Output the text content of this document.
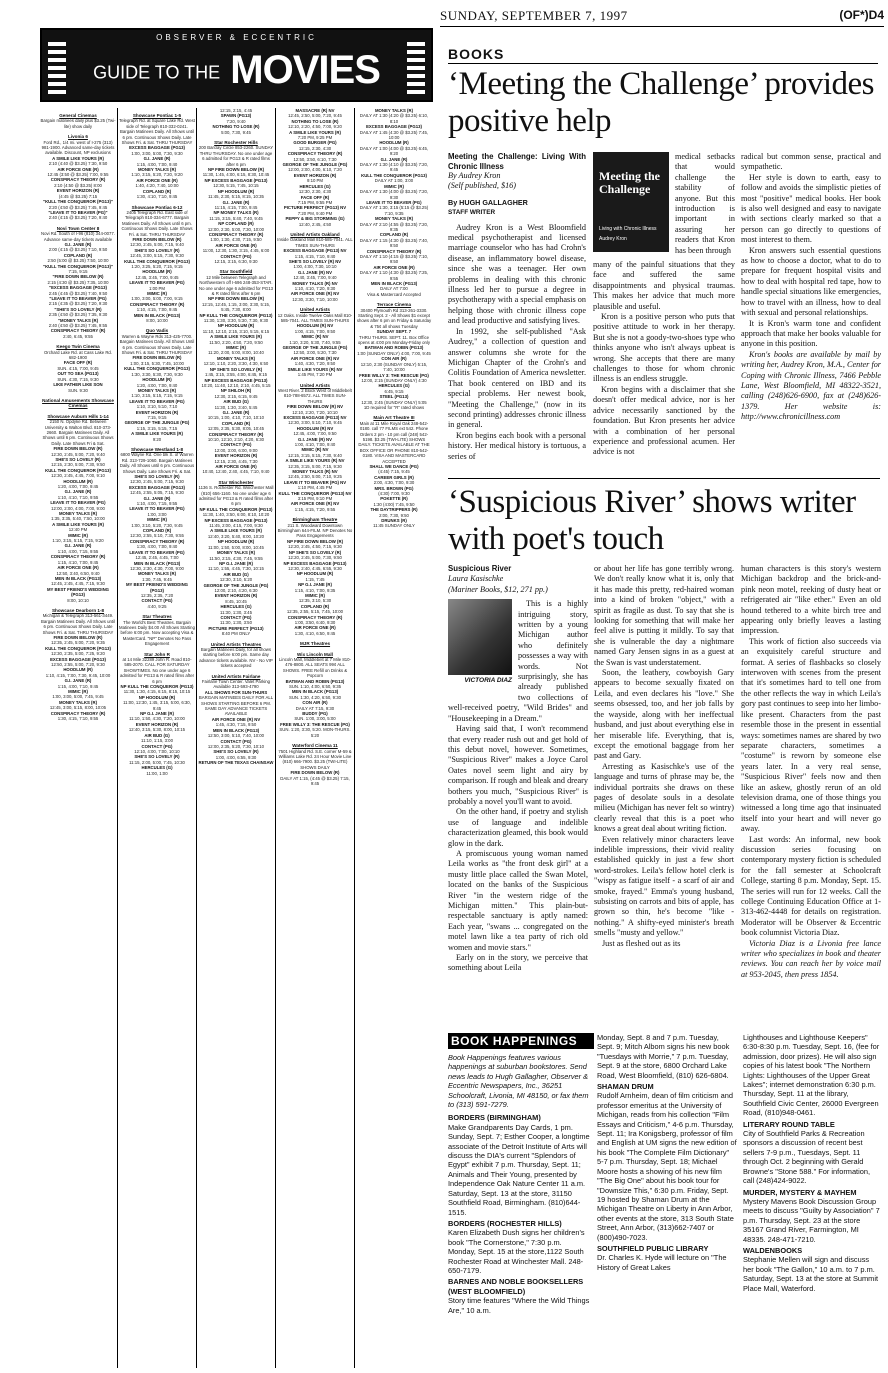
SUNDAY, SEPTEMBER 7, 1997	(OF*)D4
OBSERVER & ECCENTRIC
GUIDE TO THE MOVIES
General Cinemas
Bargain matinees daily plus $3.25 (Twi-lite) show daily
Livonia 6
Ford Rd., 1/4 mi. west of I-275 (313) 981-1900. Advanced same-day tickets available. Discount, NP exclusions
A SMILE LIKE YOURS (R)
2:10 (4:40 @ $3.25) 7:30, 9:50
AIR FORCE ONE (R)
12:45 (3:50 @ $3.25) 7:00, 9:55
CONSPIRACY THEORY (R)
2:10 (4:50 @ $3.25) 8:00
EVENT HORIZON (R)
(4:45 @ $3.25) 7:15
"KULL THE CONQUEROR (PG13)"
2:20 (4:50 @ $3.25) 7:45, 9:45
"LEAVE IT TO BEAVER (PG)"
2:40 (4:15 @ $3.25) 7:20, 9:40
Novi Town Center 8
Novi Rd. South of I-96 (810) 344-0077. Advance same-day tickets available
G.I. JANE (R)
2:00 (4:15 @ $3.25) 7:10, 9:50
COPLAND (R)
2:50 (5:00 @ $3.25) 7:50, 10:00
"KULL THE CONQUEROR (PG13)"
7:15, 9:15
"FIRE DOWN BELOW (R)
2:15 (4:30 @ $3.25) 7:35, 10:00
"EXCESS BAGGAGE (PG13)
2:45 (4:45 @ $3.25) 7:40, 9:50
"LEAVE IT TO BEAVER (PG)
2:15 (4:35 @ $3.25) 7:20, 9:30
"SHE'S SO LOVELY (R)
2:35 (4:50 @ $3.25) 7:35, 9:30
"MONEY TALKS (R)
2:40 (4:50 @ $3.25) 7:45, 9:55
CONSPIRACY THEORY (R)
2:40, 6:45, 9:55
Keego Twin Cinema
Orchard Lake Rd. at Cass Lake Rd. 682-1900
FACE OFF (R)
SUN. 4:15, 7:00, 9:45
OUT TO SEA (PG13)
SUN. 4:30, 7:15, 9:30
LIKE FATHER LIKE SON
SUN. 9:30
National Amusements Showcase Cinemas
Showcase Auburn Hills 1-14
2150 N. Opdyke Rd. Between University & Walton Blvd. 810-373-2660. Bargain Matinees Daily. All Shows until 6 pm. Continuous Shows Daily. Late Shows Fri & Sat.
FIRE DOWN BELOW (R)
12:30, 2:45, 5:00, 7:20, 9:40
SHE'S SO LOVELY (R)
12:15, 2:30, 5:00, 7:30, 9:50
KULL THE CONQUEROR (PG13)
12:30, 2:45, 4:45, 7:00, 9:10
HOODLUM (R)
1:20, 4:00, 7:00, 9:45
G.I. JANE (R)
1:10, 4:10, 7:10, 9:55
LEAVE IT TO BEAVER (PG)
12:00, 2:00, 4:00, 7:00, 9:00
MONEY TALKS (R)
1:35, 3:35, 5:40, 7:50, 10:00
A SMILE LIKE YOURS (R)
12:40 PM
MIMIC (R)
1:10, 3:15, 5:15, 7:15, 9:20
G.I. JANE (R)
1:10, 4:00, 7:15, 9:55
CONSPIRACY THEORY (R)
1:15, 4:10, 7:00, 9:45
AIR FORCE ONE (R)
12:50, 3:40, 6:50, 9:40
MEN IN BLACK (PG13)
12:45, 2:45, 4:45, 7:15, 9:30
MY BEST FRIEND'S WEDDING (PG13)
8:00, 10:10
Showcase Dearborn 1-8
Michigan & Telegraph 313-561-3449. Bargain Matinees Daily. All Shows until 6 pm. Continuous Shows Daily. Late Shows Fri. & Sat. THRU THURSDAY
FIRE DOWN BELOW (R)
12:35, 2:45, 5:00, 7:20, 9:35
KULL THE CONQUEROR (PG13)
12:30, 2:35, 5:00, 7:25, 9:20
EXCESS BAGGAGE (PG13)
12:50, 2:55, 5:00, 7:20, 9:30
HOODLUM (R)
1:10, 4:15, 7:00, 7:30, 9:45, 10:00
G.I. JANE (R)
1:15, 4:00, 7:10, 9:45
MIMIC (R)
1:00, 3:00, 5:00, 7:45, 9:45
MONEY TALKS (R)
12:45, 3:00, 5:15, 8:00, 10:05
CONSPIRACY THEORY (R)
1:30, 4:15, 7:10, 9:55
Showcase Pontiac 1-5
Telegraph Rd. at Square Lake Rd. West side of Telegraph 810-332-0241. Bargain Matinees Daily. All Shows until 6 pm. Continuous Shows Daily. Late Shows Fri. & Sat. THRU THURSDAY
EXCESS BAGGAGE (PG13)
1:00, 3:00, 5:00, 7:30, 9:30
G.I. JANE (R)
1:15, 4:00, 7:00, 9:40
MONEY TALKS (R)
1:10, 3:15, 5:20, 7:20, 9:20
AIR FORCE ONE (R)
1:40, 4:20, 7:40, 10:00
COPLAND (R)
1:30, 4:10, 7:10, 9:45
Showcase Pontiac 6-12
2405 Telegraph Rd. East side of Telegraph 810-334-6777. Bargain Matinees Daily. All Shows until 6 pm. Continuous Shows Daily. Late Shows Fri. & Sat. THRU THURSDAY
FIRE DOWN BELOW (R)
12:30, 2:45, 5:00, 7:15, 9:40
SHE'S SO LOVELY (R)
12:45, 3:00, 5:15, 7:30, 9:30
KULL THE CONQUEROR (PG13)
1:20, 3:25, 5:20, 7:15, 9:15
HOODLUM (R)
12:45, 3:45, 7:00, 9:45
LEAVE IT TO BEAVER (PG)
1:00 PM
MIMIC (R)
1:00, 3:00, 5:00, 7:00, 9:15
CONSPIRACY THEORY (R)
1:10, 4:15, 7:00, 9:45
MEN IN BLACK (PG13)
8:00, 10:00
Quo Vadis
Warren & Wayne Rds 313-425-7700. Bargain Matinees Daily. All Shows Until 6 pm. Continuous Shows Daily. Late Shows Fri. & Sat. THRU THURSDAY
FIRE DOWN BELOW (R)
1:00, 3:15, 5:30, 7:45, 10:00
KULL THE CONQUEROR (PG13)
1:30, 3:30, 5:30, 7:30, 9:30
HOODLUM (R)
1:20, 4:00, 7:00, 9:40
MONEY TALKS (R)
1:10, 3:15, 5:15, 7:15, 9:15
LEAVE IT TO BEAVER (PG)
1:10, 3:10, 5:10, 7:10
EVENT HORIZON (R)
7:15, 9:15
GEORGE OF THE JUNGLE (PG)
1:15, 3:15, 5:15, 7:15
A SMILE LIKE YOURS (R)
9:20
Showcase Westland 1-8
6800 Wayne Rd. One blk S. of Warren Rd. 313-729-1060. Bargain Matinees Daily. All Shows until 6 pm. Continuous Shows Daily. Late Shows Fri. & Sat.
SHE'S SO LOVELY (R)
12:30, 2:45, 5:00, 7:15, 9:30
EXCESS BAGGAGE (PG13)
12:45, 2:55, 5:05, 7:15, 9:30
G.I. JANE (R)
1:10, 4:00, 7:15, 9:55
LEAVE IT TO BEAVER (PG)
1:00, 3:00
MIMIC (R)
1:00, 3:10, 5:20, 7:30, 9:45
COPLAND (R)
12:30, 2:55, 5:10, 7:30, 9:55
CONSPIRACY THEORY (R)
1:30, 4:00, 7:00, 9:40
LEAVE IT TO BEAVER (PG)
12:45, 2:45, 4:45, 7:00
MEN IN BLACK (PG13)
12:30, 2:30, 4:30, 7:00, 9:00
MONEY TALKS (R)
1:30, 7:45, 9:45
MY BEST FRIEND'S WEDDING (PG13)
12:35, 2:35, 7:20
CONTACT (PG)
4:40, 9:25
Star Theatres
The World's Best Theatres. Bargain Matinees Daily $4.00 All Shows Starting before 6:00 pm. Now accepting Visa & MasterCard. "NP" Denotes No Pass Engagement
Star John R
at 14 Mile 32289 John R. Road 810-585-2070. CALL FOR SATURDAY SHOWTIMES. No one under age 6 admitted for PG13 & R rated films after 6 pm
NP KULL THE CONQUEROR (PG13)
11:30, 1:30, 4:15, 6:15, 8:15, 10:15
NP HOODLUM (R)
11:00, 12:30, 1:45, 3:15, 5:00, 6:30, 9:45
NP G.I. JANE (R)
11:10, 1:50, 4:30, 7:20, 10:00
EVENT HORIZON (R)
12:40, 3:15, 5:30, 8:00, 10:15
AIR BUD (G)
11:10, 1:15, 3:00
CONTACT (PG)
12:10, 4:00, 7:00, 10:10
SHE'S SO LOVELY (R)
11:15, 2:00, 5:00, 7:45, 10:30
HERCULES (G)
11:00, 1:00
12:15, 2:15, 4:45
SPAWN (PG13)
7:20, 9:40
NOTHING TO LOSE (R)
5:00, 7:30, 9:45
Star Rochester Hills
200 Barclay Circle 853-2260. SUNDAY THRU THURSDAY. No one under age 6 admitted for PG13 & R rated films after 6 pm
NP FIRE DOWN BELOW (R)
11:30, 1:45, 4:00, 6:15, 8:30, 10:45
NP EXCESS BAGGAGE (PG13)
12:30, 5:15, 7:45, 10:15
NP HOODLUM (R)
11:45, 2:30, 5:15, 8:15, 10:35
G.I. JANE (R)
11:15, 4:15, 7:00, 9:45
NP MONEY TALKS (R)
11:15, 3:15, 5:40, 7:40, 9:45
NP COPLAND (R)
12:00, 2:30, 5:00, 7:30, 10:00
CONSPIRACY THEORY (R)
1:00, 1:30, 4:30, 7:15, 9:50
AIR FORCE ONE (R)
11:00, 12:30, 1:30, 3:15, 4:45, 6:00
CONTACT (PG)
12:15, 3:15, 6:30, 9:30
Star Southfield
12 Mile between Telegraph and Northwestern off I-696 248-353-STAR. No one under age 6 admitted for PG13 & R rated films after 6 pm
NP FIRE DOWN BELOW (R)
12:15, 12:45, 1:15, 3:00, 3:30, 5:15, 5:45, 7:30, 8:00
NP KULL THE CONQUEROR (PG13)
11:30, 1:30, 3:30, 5:30, 7:30, 9:30
NP HOODLUM (R)
11:10, 12:10, 2:15, 3:10, 5:15, 6:15
A SMILE LIKE YOURS (R)
11:50, 2:20, 4:50, 7:20, 9:50
MIMIC (R)
11:20, 2:00, 5:00, 8:00, 10:40
MONEY TALKS (R)
12:10, 1:10, 2:20, 3:30, 4:30, 6:50
NP SHE'S SO LOVELY (R)
1:45, 3:15, 3:55, 4:00, 6:45, 9:15
NP EXCESS BAGGAGE (PG13)
10:20, 11:40, 12:10, 2:10, 4:45, 5:15
NP SHILOH (R)
12:30, 3:15, 6:15, 9:45
AIR BUD (G)
11:30, 1:30, 3:40, 5:45
G.I. JANE (R)
10:15, 1:00, 4:10, 7:10, 10:10
COPLAND (R)
12:05, 2:35, 5:30, 8:05, 10:45
CONSPIRACY THEORY (R)
10:10, 12:10, 2:10, 4:20, 6:30
CONTACT (PG)
12:00, 3:00, 6:00, 9:00
EVENT HORIZON (R)
12:15, 2:30, 4:45, 7:30
AIR FORCE ONE (R)
10:40, 12:40, 2:40, 4:45, 7:10, 9:40
Star Winchester
1136 S. Rochester Rd. Winchester Mall (810) 656-1160. No one under age 6 admitted for PG13 & R rated films after 6 pm
NP KULL THE CONQUEROR (PG13)
11:30, 1:40, 3:50, 6:00, 8:10, 10:20
NP EXCESS BAGGAGE (PG13)
11:45, 2:00, 4:15, 7:00, 9:30
A SMILE LIKE YOURS (R)
12:40, 3:20, 5:40, 8:00, 10:20
NP HOODLUM (R)
11:00, 1:50, 5:00, 8:00, 10:45
MONEY TALKS (R)
11:50, 2:15, 4:30, 7:45, 9:55
NP G.I. JANE (R)
11:10, 1:55, 4:45, 7:30, 10:15
AIR BUD (G)
12:30, 3:10, 5:20
GEORGE OF THE JUNGLE (PG)
12:00, 2:10, 4:20, 6:30
EVENT HORIZON (R)
8:45, 10:45
HERCULES (G)
11:30, 1:30, 3:45
CONTACT (PG)
11:30, 1:30, 3:50
PICTURE PERFECT (PG13)
8:40 PM ONLY
United Artists Theatres
Bargain Matinees Daily, for all shows starting before 6:00 pm. Same day advance tickets available. NV - No VIP tickets accepted
United Artists Fairlane
Fairlane Town Center. Valet Parking Available 313-593-4790
ALL SHOWS FOR SUN-THURS
BARGAIN MATINEES DAILY FOR ALL SHOWS STARTING BEFORE 6 PM. SAME DAY ADVANCE TICKETS AVAILABLE
AIR FORCE ONE (R) NV
1:45, 4:30, 7:15, 9:50
MEN IN BLACK (PG13)
12:50, 3:00, 5:10, 7:40, 10:00
CONTACT (PG)
12:00, 2:35, 5:20, 7:30, 10:10
SHE'S SO LOVELY (R)
1:00, 4:00, 6:55, 9:30
RETURN OF THE TEXAS CHAINSAW
MASSACRE (R) NV
12:45, 2:50, 5:00, 7:20, 9:45
NOTHING TO LOSE (R)
12:10, 2:20, 4:50, 7:00, 9:20
A SMILE LIKE YOURS (R)
7:20 PM, 9:25 PM
GOOD BURGER (PG)
12:15, 2:30, 4:30
CONSPIRACY THEORY (R)
12:50, 3:50, 6:10, 7:30
GEORGE OF THE JUNGLE (PG)
12:00, 2:00, 4:00, 6:10, 7:20
EVENT HORIZON (R)
9:10 PM
HERCULES (G)
12:30, 2:30, 4:30
FACE OFF (R)
7:15 PM, 9:55 PM
PICTURE PERFECT (PG13) NV
7:20 PM, 9:40 PM
PEPPY & BIG STORMING (G)
12:40, 2:45, 4:50
United Artists Oakland
Inside Oakland Mall 810-585-7041. ALL TIMES SUN-THURS
EXCESS BAGGAGE (PG13) NV
1:15, 4:15, 7:10, 9:40
SHE'S SO LOVELY (R) NV
1:00, 4:00, 7:30, 10:10
G.I. JANE (R) NV
12:40, 3:45, 7:00, 9:40
MONEY TALKS (R) NV
1:10, 4:10, 7:20, 9:30
AIR FORCE ONE (R) NV
12:30, 3:30, 7:10, 10:00
United Artists
12 Oaks. Inside Twelve Oaks Mall 810-585-7041. ALL TIMES SUN-THURS
HOODLUM (R) NV
1:00, 4:15, 7:00, 9:50
MIMIC (R) NV
1:10, 3:20, 5:30, 7:40, 9:55
GEORGE OF THE JUNGLE (PG)
12:50, 3:00, 5:20, 7:30
AIR FORCE ONE (R) NV
1:40, 4:30, 7:20, 9:50
SMILE LIKE YOURS (R) NV
1:45 PM, 7:20 PM
United Artists
West River. 2 Block West of Middlebelt 810-788-6572. ALL TIMES SUN-THURS
FIRE DOWN BELOW (R) NV
12:10, 2:20, 7:20, 10:10
EXCESS BAGGAGE (PG13) NV
12:30, 3:00, 5:10, 7:10, 9:45
HOODLUM (R) NV
12:45, 4:00, 7:00, 9:50
G.I. JANE (R) NV
1:00, 4:10, 7:00, 9:40
MIMIC (R) NV
12:15, 3:15, 5:15, 7:30, 9:40
A SMILE LIKE YOURS (R) NV
12:35, 3:15, 5:00, 7:15, 9:30
MONEY TALKS (R) NV
12:45, 2:50, 5:00, 7:10, 9:25
LEAVE IT TO BEAVER (PG) NV
1:10 PM, 4:45 PM
KULL THE CONQUEROR (PG13) NV
3:15 PM, 9:10 PM
AIR FORCE ONE (R) NV
1:15, 4:15, 7:20, 9:55
Birmingham Theatre
211 S. Woodward Downtown Birmingham 644-FILM. NP Denotes No Pass Engagements
NP FIRE DOWN BELOW (R)
12:20, 2:45, 4:50, 7:15, 9:30
NP SHE'S SO LOVELY (R)
12:20, 2:45, 5:00, 7:30, 9:50
NP EXCESS BAGGAGE (PG13)
12:30, 2:40, 4:45, 6:55, 9:30
NP HOODLUM (R)
1:15, 7:45
NP G.I. JANE (R)
1:15, 4:10, 7:00, 9:35
MIMIC (R)
12:35, 3:10, 5:30
COPLAND (R)
12:35, 2:55, 5:15, 7:45, 10:00
CONSPIRACY THEORY (R)
1:00, 3:50, 6:40, 9:30
AIR FORCE ONE (R)
1:30, 4:10, 6:50, 9:45
MJR Theatres
Wix Lincoln Mall
Lincoln Mall, Middlebelt at 7 Mile 810-476-8800. ALL SEATS 99¢ ALL SHOWS. FREE Refill on Drinks & Popcorn
BATMAN AND ROBIN (PG13)
SUN. 1:10, 4:00, 6:50, 9:35
MEN IN BLACK (PG13)
SUN. 1:30, 4:20, 6:50, 9:30
CON AIR (R)
DAILY AT 7:15, 9:30
BUDDY (PG)
SUN. 1:00, 3:00, 5:00
FREE WILLY 3: THE RESCUE (PG)
SUN. 1:20, 3:30, 5:20. MON-THURS. 5:20
Waterford Cinema 11
7501 Highland Rd. S.E. corner M-59 & Williams Lake Rd. 24 Hour Movie Line (810) 666-7900. $3.25 (TWI-LITE) SHOWS DAILY
FIRE DOWN BELOW (R)
DAILY AT 1:15, (4:45 @ $3.25) 7:15, 9:45
MONEY TALKS (R)
DAILY AT 1:30 (4:20 @ $3.25) 6:10, 8:10
EXCESS BAGGAGE (PG13)
DAILY AT 1:45 (4:30 @ $3.25) 7:45, 10:00
HOODLUM (R)
DAILY AT 1:00 (4:00 @ $3.25) 6:45, 9:20
G.I. JANE (R)
DAILY AT 1:30 (4:10 @ $3.25) 7:20, 9:45
KULL THE CONQUEROR (PG13)
DAILY AT 1:00, 3:00
MIMIC (R)
DAILY AT 1:30 (4:00 @ $3.25) 7:20, 9:30
LEAVE IT TO BEAVER (PG)
DAILY AT 1:30, 3:15 (5:15 @ $3.25) 7:10, 9:35
MONEY TALKS (R)
DAILY AT 2:10 (4:55 @ $3.25) 7:20, 9:35
COPLAND (R)
DAILY AT 1:15 (4:30 @ $3.25) 7:40, 9:50
CONSPIRACY THEORY (R)
DAILY AT 1:10 (4:15 @ $3.25) 7:10, 9:50
AIR FORCE ONE (R)
DAILY AT 1:10 (4:30 @ $3.25) 7:25, 9:55
MEN IN BLACK (PG13)
DAILY AT 7:00
Visa & Mastercard Accepted
Terrace Cinema
30400 Plymouth Rd 313-261-3330. Starting Sept. 2 - All Shows $1 except shows after 6 pm on Friday & Saturday & 75¢ all shows Tuesday
SUNDAY SEPT. 7
THRU THURS. SEPT. 11. Box Office opens at 4:00 pm Monday-Friday only
BATMAN AND ROBIN (PG13)
1:00 (SUNDAY ONLY) 4:00, 7:00, 9:45
CON AIR (R)
12:10, 2:30 (SUNDAY ONLY) 5:15, 7:40, 10:00
FREE WILLY 3: THE RESCUE (PG)
12:00, 2:15 (SUNDAY ONLY) 4:30
HERCULES (G)
6:45, 9:15
STEEL (PG13)
12:30, 2:45 (SUNDAY ONLY) 5:05
1D required for "R" rated shows
Main Art Theatre III
Main at 11 Mile Royal Oak 248-542-0180. call 77 FILMS ext 542. Phone Orders 2 pm - 10 pm call (248) 542-5198. $3.25 (TWI-LITE) SHOWS DAILY. TICKETS AVAILABLE AT THE BOX OFFICE OR PHONE 810-542-0180. VISA AND MASTERCARD ACCEPTED
SHALL WE DANCE (PG)
(4:45) 7:15, 9:45
CAREER GIRLS (R)
2:00, 4:30, 7:00, 9:30
MRS. BROWN (PG)
(4:30) 7:00, 9:30
POKETTE (R)
1:30 (4:00) 7:45, 9:50
THE DAYTRIPPERS (R)
2:00, 7:30, 9:50
DRUNKS (R)
11:45 SUNDAY ONLY
BOOKS
‘Meeting the Challenge’ provides positive help
Meeting the Challenge: Living With Chronic Illness
By Audrey Kron
(Self published, $16)
By HUGH GALLAGHER
STAFF WRITER

Audrey Kron is a West Bloomfield medical psychotherapist and licensed marriage counselor who has had Crohn's disease, an inflammatory bowel disease, since she was a teenager. Her own problems in dealing with this chronic illness led her to pursue a degree in psychotherapy with a special emphasis on helping those with chronic illness cope and lead productive and satisfying lives.

In 1992, she self-published "Ask Audrey," a collection of question and answer columns she wrote for the Michigan Chapter of the Crohn's and Colitis Foundation of America newsletter. That book centered on IBD and its special problems. Her newest book, "Meeting the Challenge," (now in its second printing) addresses chronic illness in general.

Kron begins each book with a personal history. Her medical history is tortuous, a series of

Meeting the Challenge
Living with Chronic Illness
Audrey Kron

medical setbacks that would challenge the stability of anyone. But this introduction is important in assuring her readers that Kron has been through

many of the painful situations that they face and suffered the same disappointments and physical traumas. This makes her advice that much more plausible and useful.

Kron is a positive person who puts that positive attitude to work in her therapy. But she is not a goody-two-shoes type who thinks anyone who isn't always upbeat is wrong. She accepts that there are many challenges to those for whom chronic illness is an endless struggle.

Kron begins with a disclaimer that she doesn't offer medical advice, nor is her advice necessarily sanctioned by the foundation. But Kron presents her advice with a combination of her personal experience and professional acumen. Her advice is not

radical but common sense, practical and sympathetic.

Her style is down to earth, easy to follow and avoids the simplistic pieties of most "positive" medical books. Her book is also well designed and easy to navigate with sections clearly marked so that a person can go directly to questions of most interest to them.

Kron answers such essential questions as how to choose a doctor, what to do to prepare for frequent hospital visits and how to deal with hospital red tape, how to handle special situations like emergencies, how to travel with an illness, how to deal with sexual and personal relationships.

It is Kron's warm tone and confident approach that make her books valuable for anyone in this position.

Kron's books are available by mail by writing her, Audrey Kron, M.A., Center for Coping with Chronic Illness, 7466 Pebble Lane, West Bloomfield, MI 48322-3521, calling (248)626-6900, fax at (248)626-1379. Her website is: http://www.chronicillness.com

‘Suspicious River’ shows writer with poet's touch
Suspicious River
Laura Kasischke
(Mariner Books, $12, 271 pp.)
VICTORIA DIAZ

This is a highly intriguing story, written by a young Michigan author who definitely possesses a way with words. Not surprisingly, she has already published two collections of well-received poetry, "Wild Brides" and "Housekeeping in a Dream."

Having said that, I won't recommend that every reader rush out and get hold of this debut novel, however. Sometimes, "Suspicious River" makes a Joyce Carol Oates novel seem light and airy by comparison. If rough and bleak and dreary bothers you much, "Suspicious River" is probably a novel you'll want to avoid.

On the other hand, if poetry and stylish use of language and indelible characterization gleamed, this book would glow in the dark.

A promiscuous young woman named Leila works as "the front desk girl" at a musty little place called the Swan Motel, located on the banks of the Suspicious River "in the western ridge of the Michigan mitten." This plain-but-respectable sanctuary is aptly named: Each year, "swans ... congregated on the motel lawn like a tea party of rich old women and movie stars."

Early on in the story, we perceive that something about Leila

or about her life has gone terribly wrong. We don't really know what it is, only that it has made this pretty, red-haired woman into a kind of broken "object," with a spirit as fragile as dust. To say that she is looking for something that will make her feel alive is putting it mildly. To say that she is vulnerable the day a nightmare named Gary Jensen signs in as a guest at the Swan is vast understatement.

Soon, the leathery, cowboyish Gary appears to become sexually fixated on Leila, and even declares his "love." She seems obsessed, too, and her job falls by the wayside, along with her ineffectual husband, and just about everything else in her miserable life. Everything, that is, except the emotional baggage from her past and Gary.

Arresting as Kasischke's use of the language and turns of phrase may be, the individual portraits she draws on these pages of desolate souls in a desolate milieu (Michigan has never felt so wintry) clearly reveal that this is a poet who knows a great deal about writing fiction.

Even relatively minor characters leave indelible impressions, their vivid reality established quickly in just a few short word-strokes. Leila's fellow hotel clerk is "wispy as fatigue itself - a scarf of air and smoke, frayed." Emma's young husband, subsisting on carrots and bits of apple, has grown so thin, he's become "like - nothing." A shifty-eyed minister's breath smells "musty and yellow."

Just as fleshed out as its

human characters is this story's western Michigan backdrop and the brick-and-pink neon motel, reeking of dusty heat or refrigerated air "like ether." Even an old hound tethered to a white birch tree and appearing only briefly leaves a lasting impression.

This work of fiction also succeeds via an exquisitely careful structure and format. A series of flashbacks so closely interwoven with scenes from the present that it's sometimes hard to tell one from the other reflects the way in which Leila's gory past continues to seep into her limbo-like present. Characters from the past resemble those in the present in essential ways: sometimes names are shared by two separate characters, sometimes a "costume" is reworn by someone else years later. In a very real sense, "Suspicious River" feels now and then like an askew, ghostly rerun of an old television drama, one of those things you witnessed a long time ago that insinuated itself into your heart and will never go away.

Last words: An informal, new book discussion series focusing on contemporary mystery fiction is scheduled for the fall semester at Schoolcraft College, starting 8 p.m. Monday, Sept. 15. The series will run for 12 weeks. Call the college Continuing Education Office at 1-313-462-4448 for details on registration. Moderator will be Observer & Eccentric book columnist Victoria Diaz.

Victoria Diaz is a Livonia free lance writer who specializes in book and theater reviews. You can reach her by voice mail at 953-2045, then press 1854.

BOOK HAPPENINGS

Book Happenings features various happenings at suburban bookstores. Send news leads to Hugh Gallagher, Observer & Eccentric Newspapers, Inc., 36251 Schoolcraft, Livonia, MI 48150, or fax them to (313) 591-7279.

BORDERS (BIRMINGHAM)

Make Grandparents Day Cards, 1 pm. Sunday, Sept. 7; Esther Cooper, a longtime associate of the Detroit Institute of Arts will discuss the DIA's current "Splendors of Egypt" exhibit 7 p.m. Thursday, Sept. 11; Animals and Their Young, presented by Independence Oak Nature Center 11 a.m. Saturday, Sept. 13 at the store, 31150 Southfield Road, Birmingham. (810)644-1515.

BORDERS (ROCHESTER HILLS)

Karen Elizabeth Dush signs her children's book "The Cornerstone," 7:30 p.m. Monday, Sept. 15 at the store,1122 South Rochester Road at Winchester Mall. 248-650-7179.

BARNES AND NOBLE BOOKSELLERS (WEST BLOOMFIELD)

Story time features "Where the Wild Things Are," 10 a.m.

Monday, Sept. 8 and 7 p.m. Tuesday, Sept. 9; Mitch Albom signs his new book "Tuesdays with Morrie," 7 p.m. Tuesday, Sept. 9 at the store, 6800 Orchard Lake Road, West Bloomfield, (810) 626-6804.

SHAMAN DRUM

Rudolf Arnheim, dean of film criticism and professor emeritus at the University of Michigan, reads from his collection "Film Essays and Criticism," 4-6 p.m. Thursday, Sept. 11; Ira Konigsberg, professor of film and English at UM signs the new edition of his book "The Complete Film Dictionary" 5-7 p.m. Thursday, Sept. 18; Michael Moore hosts a showing of his new film "The Big One" about his book tour for "Downsize This," 6:30 p.m. Friday, Sept. 19 hosted by Shaman Drum at the Michigan Theatre on Liberty in Ann Arbor, other events at the store, 313 South State Street, Ann Arbor, (313)662-7407 or (800)490-7023.

SOUTHFIELD PUBLIC LIBRARY

Dr. Charles K. Hyde will lecture on "The History of Great Lakes

Lighthouses and Lighthouse Keepers" 6:30-8:30 p.m. Tuesday, Sept. 16, (fee for admission, door prizes). He will also sign copies of his latest book "The Northern Lights: Lighthouses of the Upper Great Lakes"; internet demonstration 6:30 p.m. Thursday, Sept. 11 at the library, Southfield Civic Center, 26000 Evergreen Road, (810)948-0461.

LITERARY ROUND TABLE

City of Southfield Parks & Recreation sponsors a discussion of recent best sellers 7-9 p.m., Tuesdays, Sept. 11 through Oct. 2 beginning with Gerald Browne's "Stone 588." For information, call (248)424-9022.

MURDER, MYSTERY & MAYHEM

Mystery Mavens Book Discussion Group meets to discuss "Guilty by Association" 7 p.m. Thursday, Sept. 23 at the store 35167 Grand River, Farmington, MI 48335. 248-471-7210.

WALDENBOOKS

Stephanie Mellen will sign and discuss her book "The Gallon," 10 a.m. to 7 p.m. Saturday, Sept. 13 at the store at Summit Place Mall, Waterford.
